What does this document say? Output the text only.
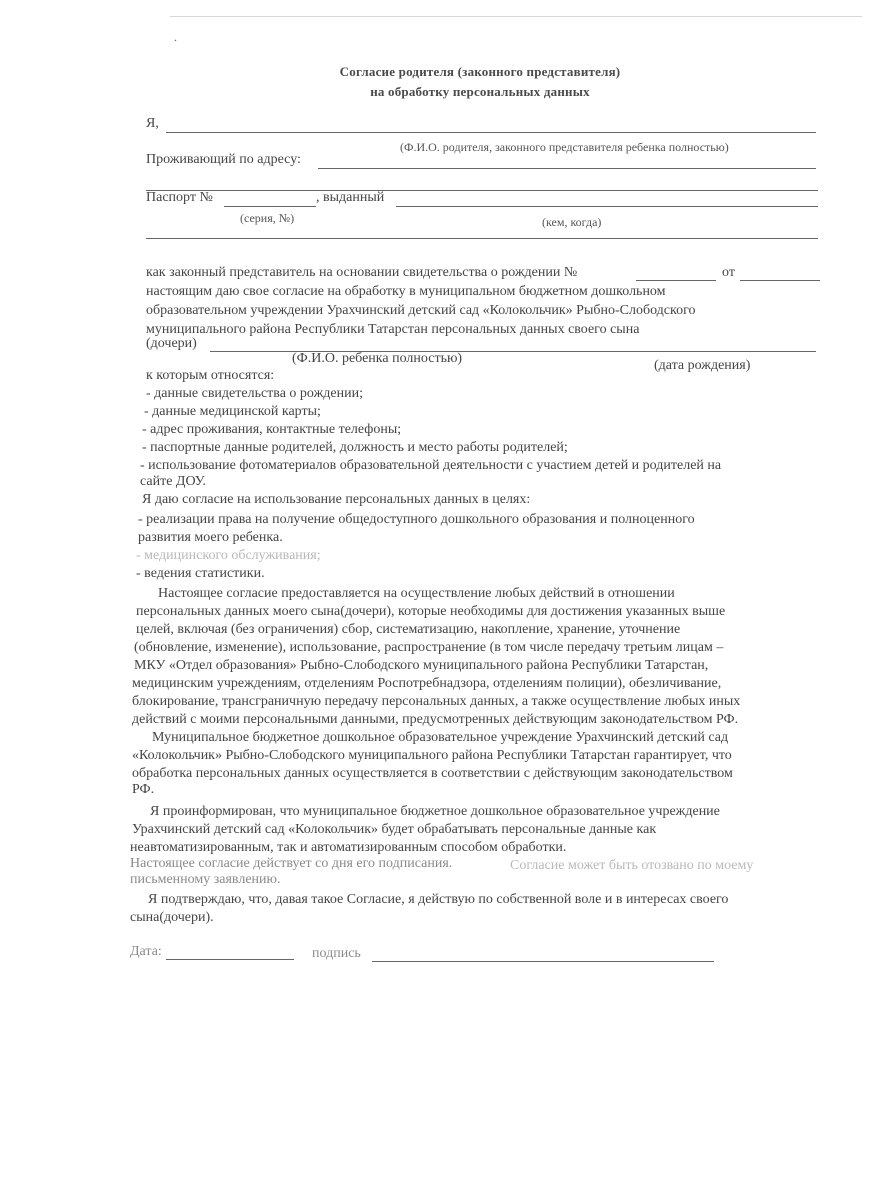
.
Согласие родителя (законного представителя)
на обработку персональных данных
Я,
(Ф.И.О. родителя, законного представителя ребенка полностью)
Проживающий по адресу:
Паспорт №	, выданный
(серия, №)	(кем, когда)
как законный представитель на основании свидетельства о рождении №	от
настоящим даю свое согласие на обработку в муниципальном бюджетном дошкольном
образовательном учреждении Урахчинский детский сад «Колокольчик» Рыбно-Слободского
муниципального района Республики Татарстан персональных данных своего сына
(дочери)
(Ф.И.О. ребенка полностью)	(дата рождения)
к которым относятся:
- данные свидетельства о рождении;
- данные медицинской карты;
- адрес проживания, контактные телефоны;
- паспортные данные родителей, должность и место работы родителей;
- использование фотоматериалов образовательной деятельности с участием детей и родителей на
сайте ДОУ.
Я даю согласие на использование персональных данных в целях:
- реализации права на получение общедоступного дошкольного образования и полноценного
развития моего ребенка.
- медицинского обслуживания;
- ведения статистики.
Настоящее согласие предоставляется на осуществление любых действий в отношении
персональных данных моего сына(дочери), которые необходимы для достижения указанных выше
целей, включая (без ограничения) сбор, систематизацию, накопление, хранение, уточнение
(обновление, изменение), использование, распространение (в том числе передачу третьим лицам –
МКУ «Отдел образования» Рыбно-Слободского муниципального района Республики Татарстан,
медицинским учреждениям, отделениям Роспотребнадзора, отделениям полиции), обезличивание,
блокирование, трансграничную передачу персональных данных, а также осуществление любых иных
действий с моими персональными данными, предусмотренных действующим законодательством РФ.
Муниципальное бюджетное дошкольное образовательное учреждение Урахчинский детский сад
«Колокольчик» Рыбно-Слободского муниципального района Республики Татарстан гарантирует, что
обработка персональных данных осуществляется в соответствии с действующим законодательством
РФ.
Я проинформирован, что муниципальное бюджетное дошкольное образовательное учреждение
Урахчинский детский сад «Колокольчик» будет обрабатывать персональные данные как
неавтоматизированным, так и автоматизированным способом обработки.
Настоящее согласие действует со дня его подписания.	Согласие может быть отозвано по моему
письменному заявлению.
Я подтверждаю, что, давая такое Согласие, я действую по собственной воле и в интересах своего
сына(дочери).
Дата:	подпись
